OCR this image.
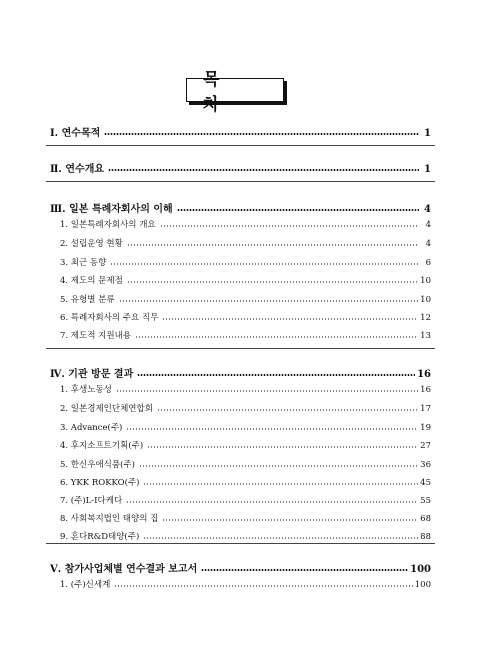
목 차
Ⅰ. 연수목적	1
Ⅱ. 연수개요	1
Ⅲ. 일본 특례자회사의 이해	4
1. 일본특례자회사의 개요	4
2. 설립운영 현황	4
3. 최근 동향	6
4. 제도의 문제점	10
5. 유형별 분류	10
6. 특례자회사의 주요 직무	12
7. 제도적 지원내용	13
Ⅳ. 기관 방문 결과	16
1. 후생노동성	16
2. 일본경제인단체연합회	17
3. Advance(주)	19
4. 후지소프트기획(주)	27
5. 한신우애식품(주)	36
6. YKK ROKKO(주)	45
7. (주)L-I다케다	55
8. 사회복지법인 태양의 집	68
9. 혼다R&D태양(주)	88
Ⅴ. 참가사업체별 연수결과 보고서	100
1. (주)신세계	100
